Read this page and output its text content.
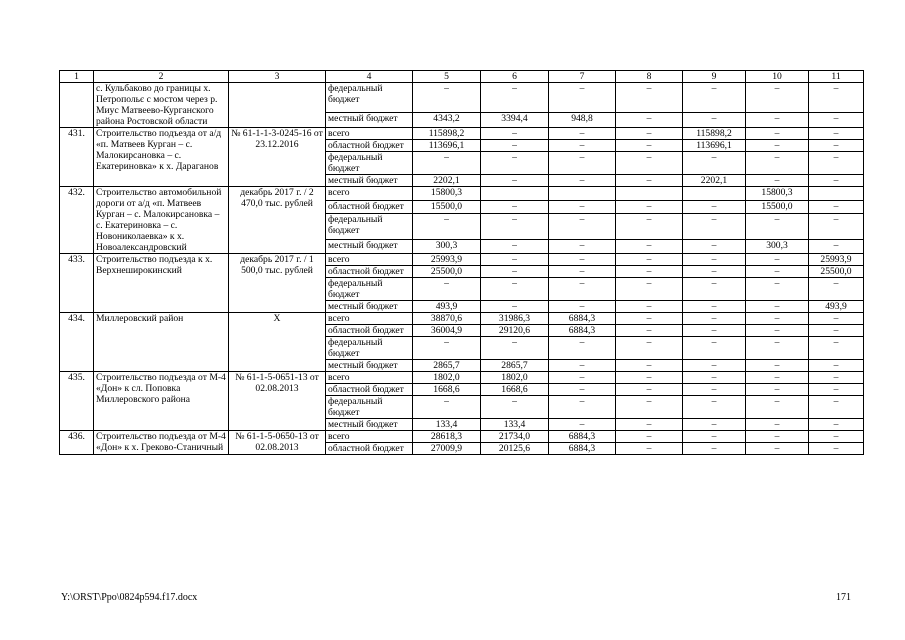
1	2	3	4	5	6	7	8	9	10	11
	с. Кульбаково до границы х. Петропольє с мостом через р. Миус Матвеево-Курганского района Ростовской области		федеральный бюджет	–	–	–	–	–	–	–
			местный бюджет	4343,2	3394,4	948,8	–	–	–	–
431.	Строительство подъезда от а/д «п. Матвеев Курган – с. Малокирсановка – с. Екатериновка» к х. Дараганов	№ 61-1-1-3-0245-16 от 23.12.2016	всего	115898,2	–	–	–	115898,2	–	–
			областной бюджет	113696,1	–	–	–	113696,1	–	–
			федеральный бюджет	–	–	–	–	–	–	–
			местный бюджет	2202,1	–	–	–	2202,1	–	–
432.	Строительство автомобильной дороги от а/д «п. Матвеев Курган – с. Малокирсановка – с. Екатериновка – с. Новониколаевка» к х. Новоалександровский	декабрь 2017 г. / 2 470,0 тыс. рублей	всего	15800,3					15800,3	
			областной бюджет	15500,0	–	–	–	–	15500,0	–
			федеральный бюджет	–	–	–	–	–	–	–
			местный бюджет	300,3	–	–	–	–	300,3	–
433.	Строительство подъезда к х. Верхнеширокинский	декабрь 2017 г. / 1 500,0 тыс. рублей	всего	25993,9	–	–	–	–	–	25993,9
			областной бюджет	25500,0	–	–	–	–	–	25500,0
			федеральный бюджет	–	–	–	–	–	–	–
			местный бюджет	493,9	–	–	–	–	–	493,9
434.	Миллеровский район	Х	всего	38870,6	31986,3	6884,3	–	–	–	–
			областной бюджет	36004,9	29120,6	6884,3	–	–	–	–
			федеральный бюджет	–	–	–	–	–	–	–
			местный бюджет	2865,7	2865,7	–	–	–	–	–
435.	Строительство подъезда от М-4 «Дон» к сл. Поповка Миллеровского района	№ 61-1-5-0651-13 от 02.08.2013	всего	1802,0	1802,0	–	–	–	–	–
			областной бюджет	1668,6	1668,6	–	–	–	–	–
			федеральный бюджет	–	–	–	–	–	–	–
			местный бюджет	133,4	133,4	–	–	–	–	–
436.	Строительство подъезда от М-4 «Дон» к х. Греково-Станичный	№ 61-1-5-0650-13 от 02.08.2013	всего	28618,3	21734,0	6884,3	–	–	–	–
			областной бюджет	27009,9	20125,6	6884,3	–	–	–	–
Y:\ORST\Ppo\0824p594.f17.docx	171
